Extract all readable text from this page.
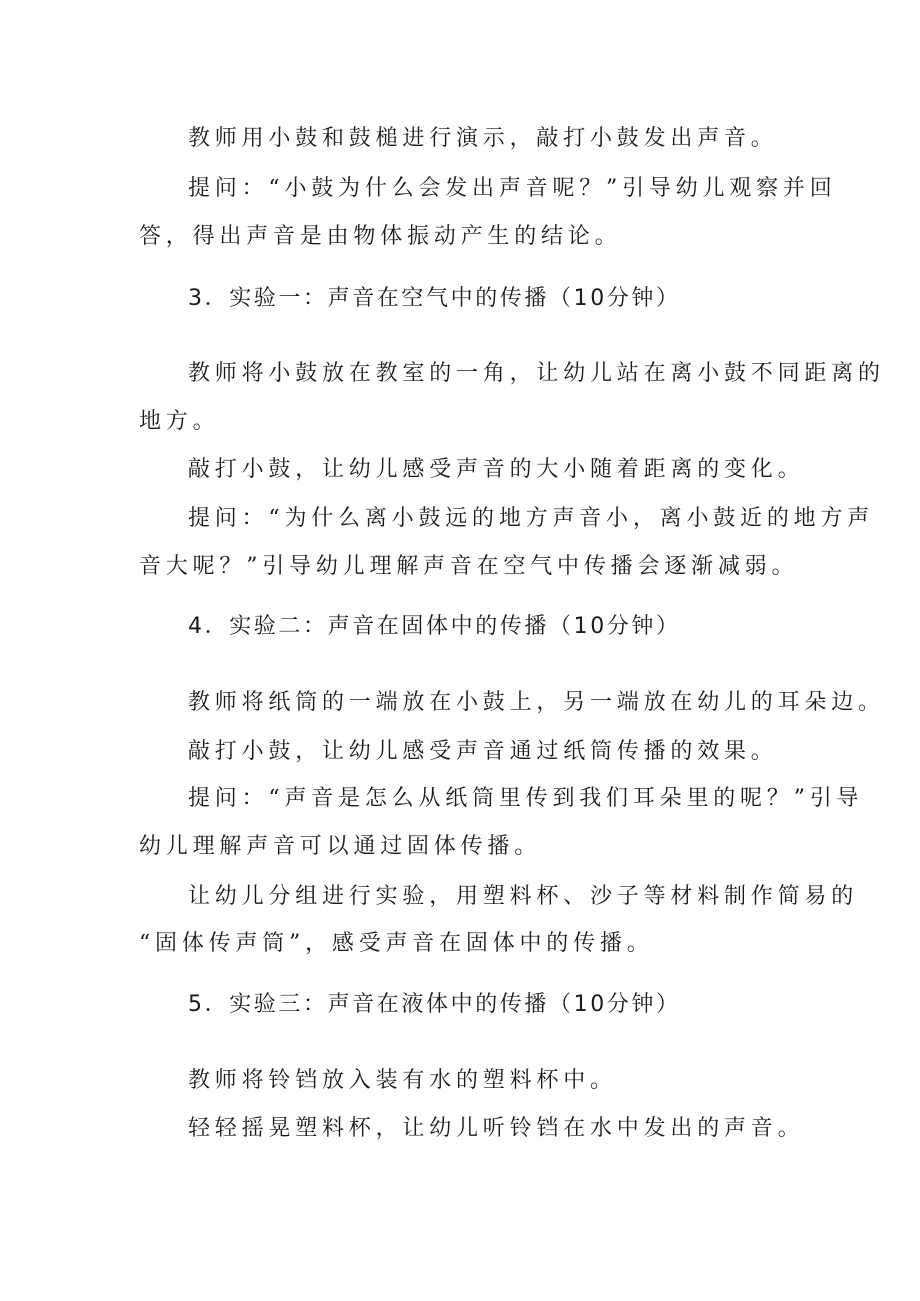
教师用小鼓和鼓槌进行演示，敲打小鼓发出声音。
提问：“小鼓为什么会发出声音呢？”引导幼儿观察并回
答，得出声音是由物体振动产生的结论。
3．实验一：声音在空气中的传播（10分钟）
教师将小鼓放在教室的一角，让幼儿站在离小鼓不同距离的
地方。
敲打小鼓，让幼儿感受声音的大小随着距离的变化。
提问：“为什么离小鼓远的地方声音小，离小鼓近的地方声
音大呢？”引导幼儿理解声音在空气中传播会逐渐减弱。
4．实验二：声音在固体中的传播（10分钟）
教师将纸筒的一端放在小鼓上，另一端放在幼儿的耳朵边。
敲打小鼓，让幼儿感受声音通过纸筒传播的效果。
提问：“声音是怎么从纸筒里传到我们耳朵里的呢？”引导
幼儿理解声音可以通过固体传播。
让幼儿分组进行实验，用塑料杯、沙子等材料制作简易的
“固体传声筒”，感受声音在固体中的传播。
5．实验三：声音在液体中的传播（10分钟）
教师将铃铛放入装有水的塑料杯中。
轻轻摇晃塑料杯，让幼儿听铃铛在水中发出的声音。
